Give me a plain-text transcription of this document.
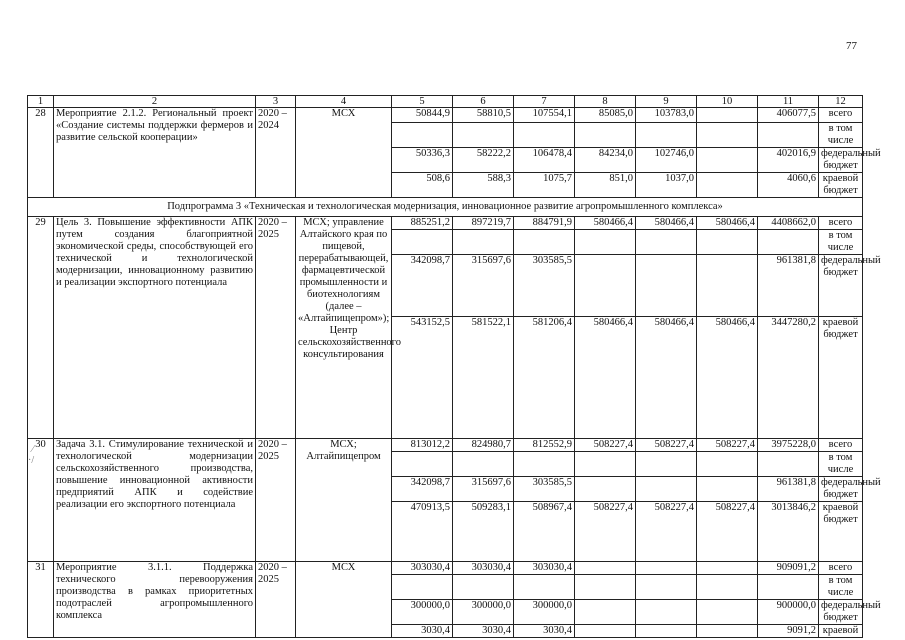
77
1	2	3	4	5	6	7	8	9	10	11	12
28	Мероприятие 2.1.2. Региональный проект «Создание системы поддержки фермеров и развитие сельской кооперации»	2020 – 2024	МСХ	50844,9	58810,5	107554,1	85085,0	103783,0		406077,5	всего
											в том числе
				50336,3	58222,2	106478,4	84234,0	102746,0		402016,9	федеральный бюджет
				508,6	588,3	1075,7	851,0	1037,0		4060,6	краевой бюджет
Подпрограмма 3 «Техническая и технологическая модернизация, инновационное развитие агропромышленного комплекса»											
29	Цель 3. Повышение эффективности АПК путем создания благоприятной экономической среды, способствующей его технической и технологической модернизации, инновационному развитию и реализации экспортного потенциала	2020 – 2025	МСХ; управление Алтайского края по пищевой, перерабатывающей, фармацевтической промышленности и биотехнологиям (далее – «Алтайпищепром»); Центр сельскохозяйственного консультирования	885251,2	897219,7	884791,9	580466,4	580466,4	580466,4	4408662,0	всего
											в том числе
				342098,7	315697,6	303585,5				961381,8	федеральный бюджет
				543152,5	581522,1	581206,4	580466,4	580466,4	580466,4	3447280,2	краевой бюджет
30	Задача 3.1. Стимулирование технической и технологической модернизации сельскохозяйственного производства, повышение инновационной активности предприятий АПК и содействие реализации его экспортного потенциала	2020 – 2025	МСХ; Алтайпищепром	813012,2	824980,7	812552,9	508227,4	508227,4	508227,4	3975228,0	всего
											в том числе
				342098,7	315697,6	303585,5				961381,8	федеральный бюджет
				470913,5	509283,1	508967,4	508227,4	508227,4	508227,4	3013846,2	краевой бюджет
31	Мероприятие 3.1.1. Поддержка технического перевооружения производства в рамках приоритетных подотраслей агропромышленного комплекса	2020 – 2025	МСХ	303030,4	303030,4	303030,4				909091,2	всего
											в том числе
				300000,0	300000,0	300000,0				900000,0	федеральный бюджет
				3030,4	3030,4	3030,4				9091,2	краевой
⁄
·/
